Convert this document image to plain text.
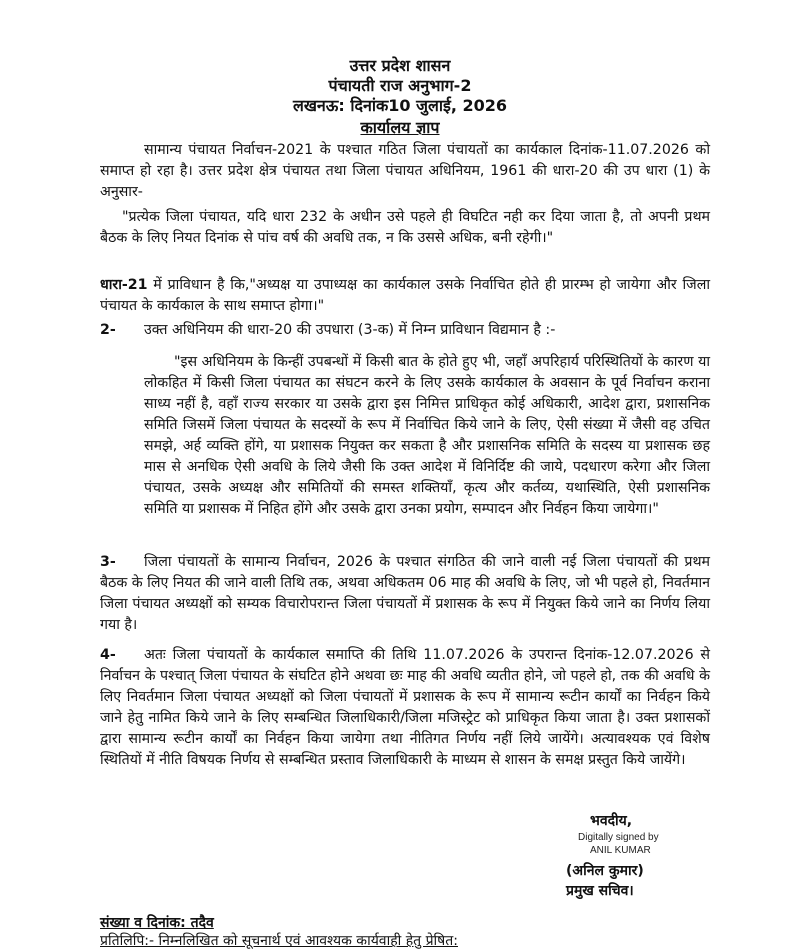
उत्तर प्रदेश शासन
पंचायती राज अनुभाग-2
लखनऊ: दिनांक10 जुलाई, 2026
कार्यालय ज्ञाप

सामान्य पंचायत निर्वाचन-2021 के पश्चात गठित जिला पंचायतों का कार्यकाल दिनांक-11.07.2026 को समाप्त हो रहा है। उत्तर प्रदेश क्षेत्र पंचायत तथा जिला पंचायत अधिनियम, 1961 की धारा-20 की उप धारा (1) के अनुसार-

"प्रत्येक जिला पंचायत, यदि धारा 232 के अधीन उसे पहले ही विघटित नही कर दिया जाता है, तो अपनी प्रथम बैठक के लिए नियत दिनांक से पांच वर्ष की अवधि तक, न कि उससे अधिक, बनी रहेगी।"

धारा-21 में प्राविधान है कि,"अध्यक्ष या उपाध्यक्ष का कार्यकाल उसके निर्वाचित होते ही प्रारम्भ हो जायेगा और जिला पंचायत के कार्यकाल के साथ समाप्त होगा।"

2- उक्त अधिनियम की धारा-20 की उपधारा (3-क) में निम्न प्राविधान विद्यमान है :-

"इस अधिनियम के किन्हीं उपबन्धों में किसी बात के होते हुए भी, जहाँ अपरिहार्य परिस्थितियों के कारण या लोकहित में किसी जिला पंचायत का संघटन करने के लिए उसके कार्यकाल के अवसान के पूर्व निर्वाचन कराना साध्य नहीं है, वहाँ राज्य सरकार या उसके द्वारा इस निमित्त प्राधिकृत कोई अधिकारी, आदेश द्वारा, प्रशासनिक समिति जिसमें जिला पंचायत के सदस्यों के रूप में निर्वाचित किये जाने के लिए, ऐसी संख्या में जैसी वह उचित समझे, अर्ह व्यक्ति होंगे, या प्रशासक नियुक्त कर सकता है और प्रशासनिक समिति के सदस्य या प्रशासक छह मास से अनधिक ऐसी अवधि के लिये जैसी कि उक्त आदेश में विनिर्दिष्ट की जाये, पदधारण करेगा और जिला पंचायत, उसके अध्यक्ष और समितियों की समस्त शक्तियाँ, कृत्य और कर्तव्य, यथास्थिति, ऐसी प्रशासनिक समिति या प्रशासक में निहित होंगे और उसके द्वारा उनका प्रयोग, सम्पादन और निर्वहन किया जायेगा।"

3-	जिला पंचायतों के सामान्य निर्वाचन, 2026 के पश्चात संगठित की जाने वाली नई जिला पंचायतों की प्रथम बैठक के लिए नियत की जाने वाली तिथि तक, अथवा अधिकतम 06 माह की अवधि के लिए, जो भी पहले हो, निवर्तमान जिला पंचायत अध्यक्षों को सम्यक विचारोपरान्त जिला पंचायतों में प्रशासक के रूप में नियुक्त किये जाने का निर्णय लिया गया है।

4-	अतः जिला पंचायतों के कार्यकाल समाप्ति की तिथि 11.07.2026 के उपरान्त दिनांक-12.07.2026 से निर्वाचन के पश्चात् जिला पंचायत के संघटित होने अथवा छः माह की अवधि व्यतीत होने, जो पहले हो, तक की अवधि के लिए निवर्तमान जिला पंचायत अध्यक्षों को जिला पंचायतों में प्रशासक के रूप में सामान्य रूटीन कार्यों का निर्वहन किये जाने हेतु नामित किये जाने के लिए सम्बन्धित जिलाधिकारी/जिला मजिस्ट्रेट को प्राधिकृत किया जाता है। उक्त प्रशासकों द्वारा सामान्य रूटीन कार्यों का निर्वहन किया जायेगा तथा नीतिगत निर्णय नहीं लिये जायेंगे। अत्यावश्यक एवं विशेष स्थितियों में नीति विषयक निर्णय से सम्बन्धित प्रस्ताव जिलाधिकारी के माध्यम से शासन के समक्ष प्रस्तुत किये जायेंगे।

भवदीय,
Digitally signed by
ANIL KUMAR
(अनिल कुमार)
प्रमुख सचिव।
संख्या व दिनांक: तदैव
प्रतिलिपि:- निम्नलिखित को सूचनार्थ एवं आवश्यक कार्यवाही हेतु प्रेषित:
